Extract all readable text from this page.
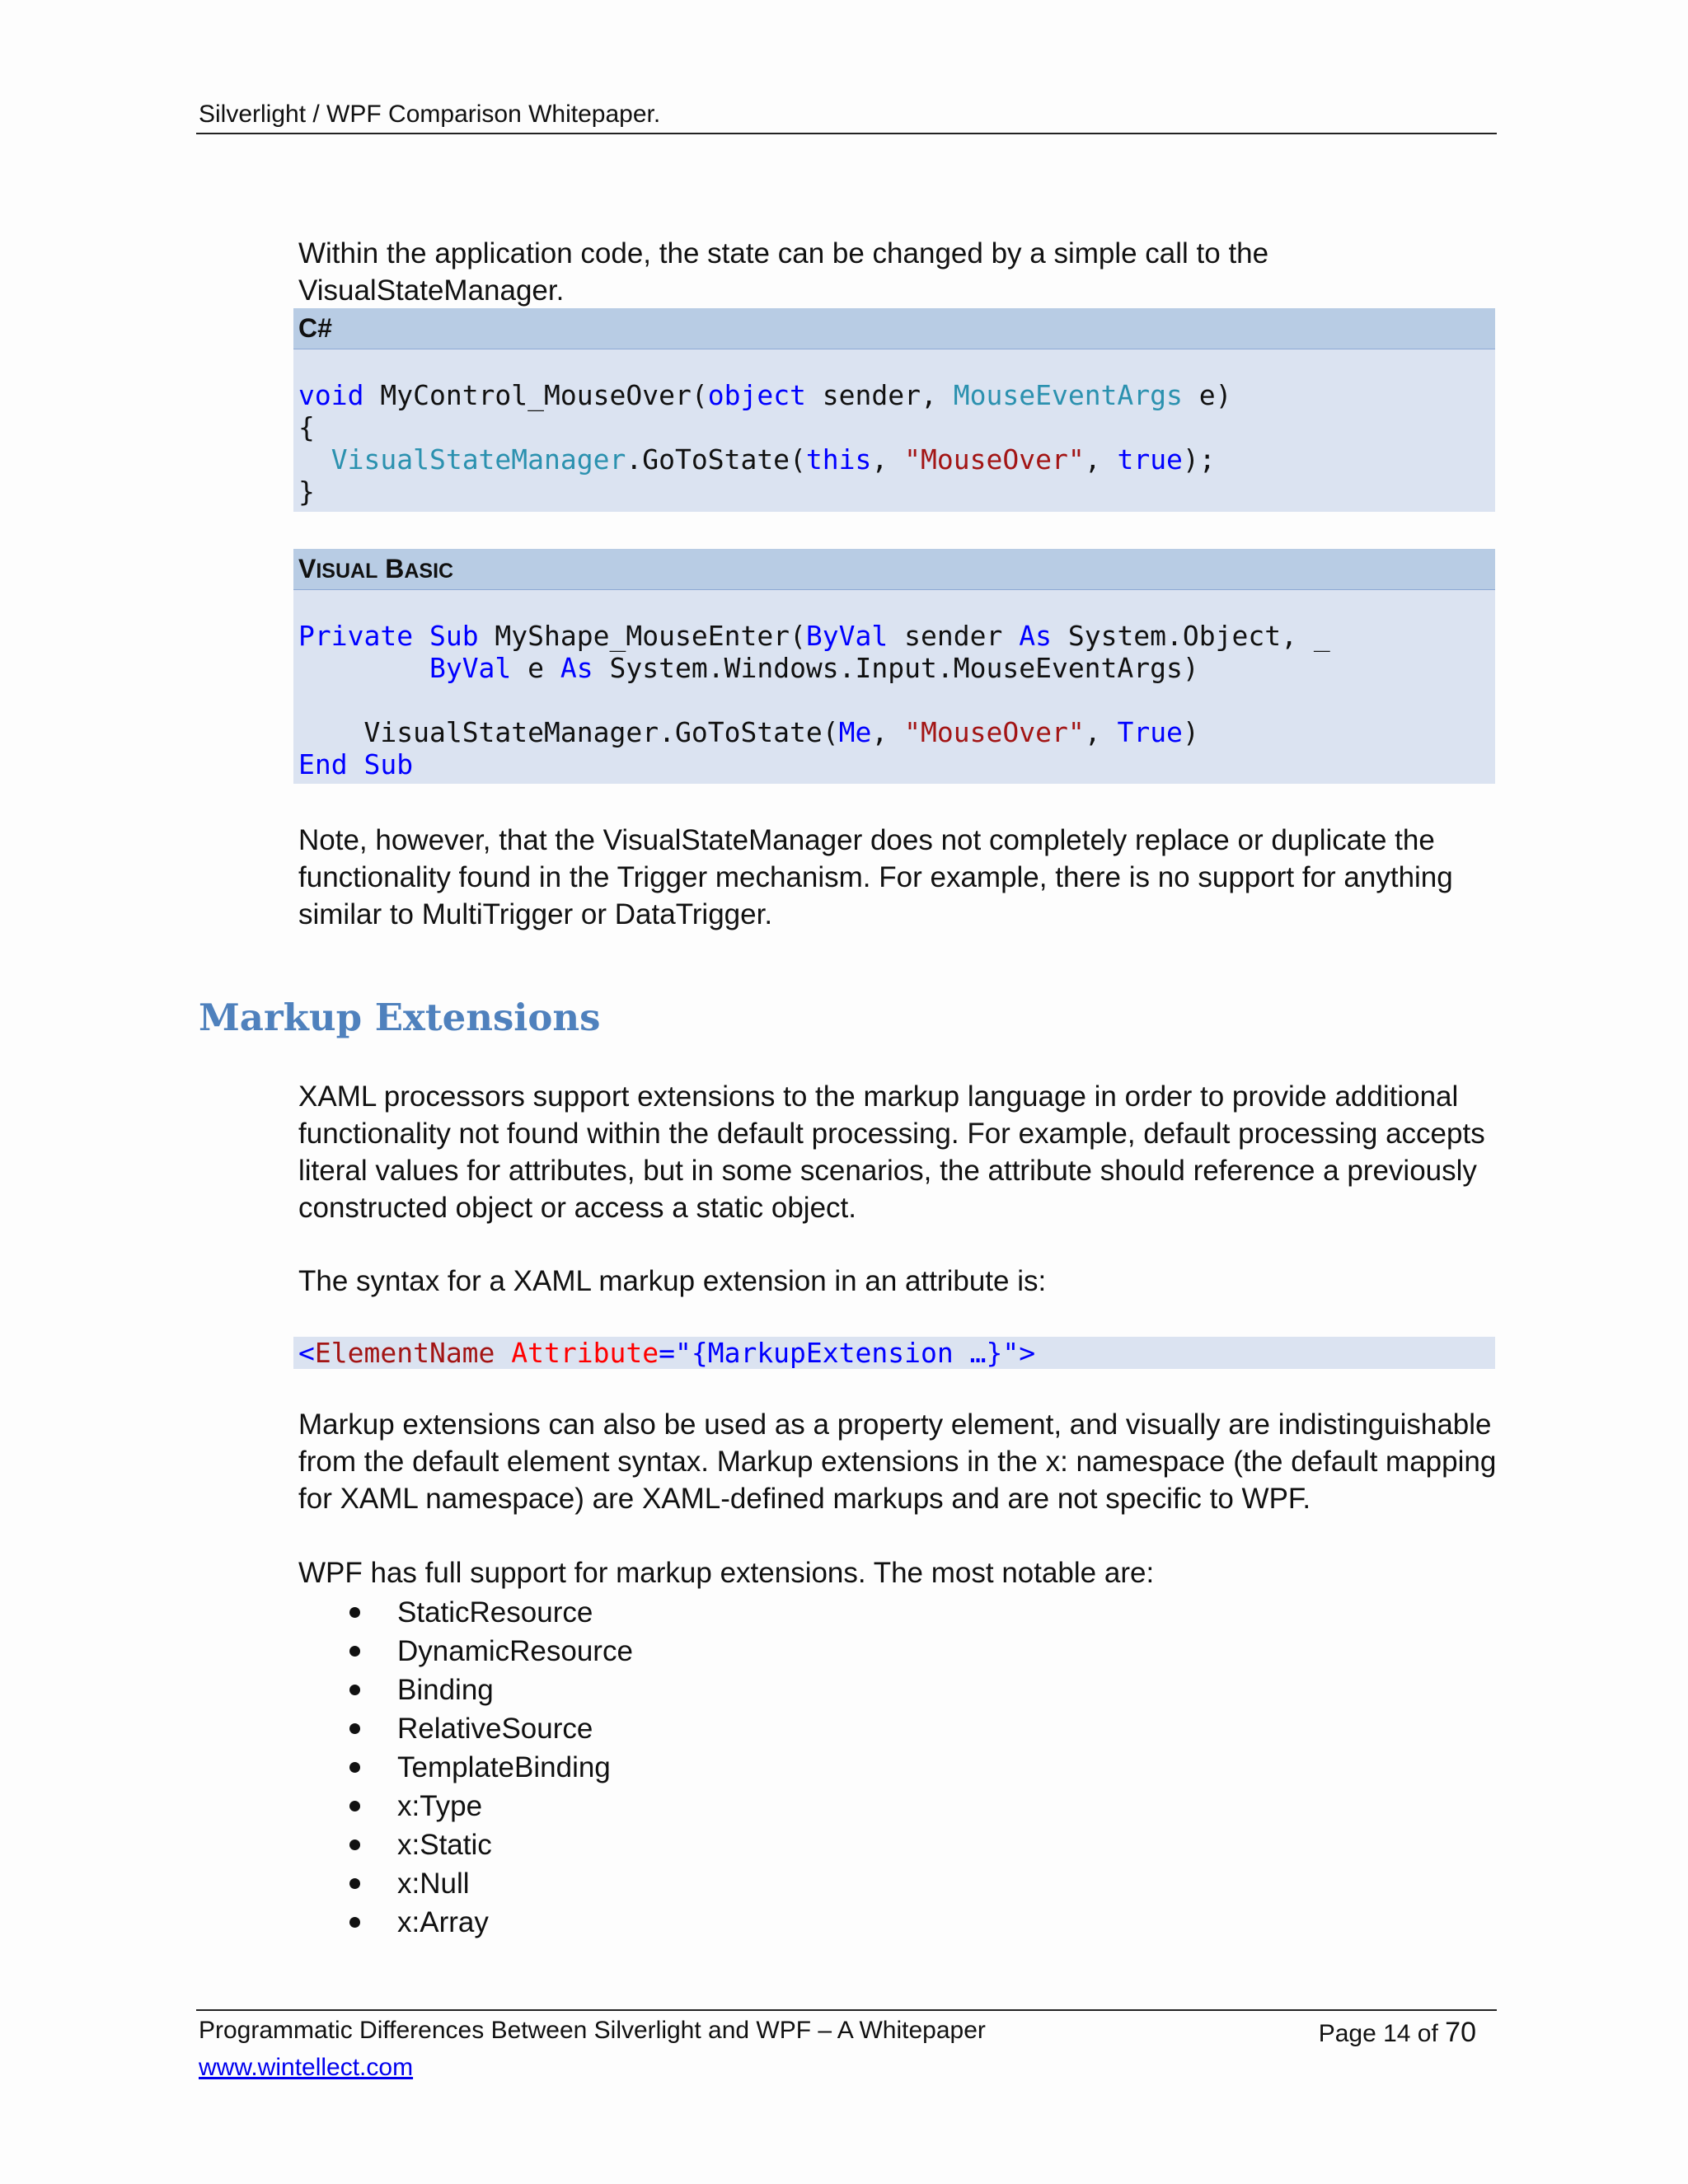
Silverlight / WPF Comparison Whitepaper.
Within the application code, the state can be changed by a simple call to the
VisualStateManager.
C#
void MyControl_MouseOver(object sender, MouseEventArgs e)
{
VisualStateManager.GoToState(this, "MouseOver", true);
}
VISUAL BASIC
Private Sub MyShape_MouseEnter(ByVal sender As System.Object, _
ByVal e As System.Windows.Input.MouseEventArgs)

VisualStateManager.GoToState(Me, "MouseOver", True)
End Sub
Note, however, that the VisualStateManager does not completely replace or duplicate the
functionality found in the Trigger mechanism. For example, there is no support for anything
similar to MultiTrigger or DataTrigger.
Markup Extensions
XAML processors support extensions to the markup language in order to provide additional
functionality not found within the default processing. For example, default processing accepts
literal values for attributes, but in some scenarios, the attribute should reference a previously
constructed object or access a static object.
The syntax for a XAML markup extension in an attribute is:
<ElementName Attribute="{MarkupExtension …}">
Markup extensions can also be used as a property element, and visually are indistinguishable
from the default element syntax. Markup extensions in the x: namespace (the default mapping
for XAML namespace) are XAML-defined markups and are not specific to WPF.
WPF has full support for markup extensions. The most notable are:
StaticResource
DynamicResource
Binding
RelativeSource
TemplateBinding
x:Type
x:Static
x:Null
x:Array
Programmatic Differences Between Silverlight and WPF – A Whitepaper	Page 14 of 70
www.wintellect.com
